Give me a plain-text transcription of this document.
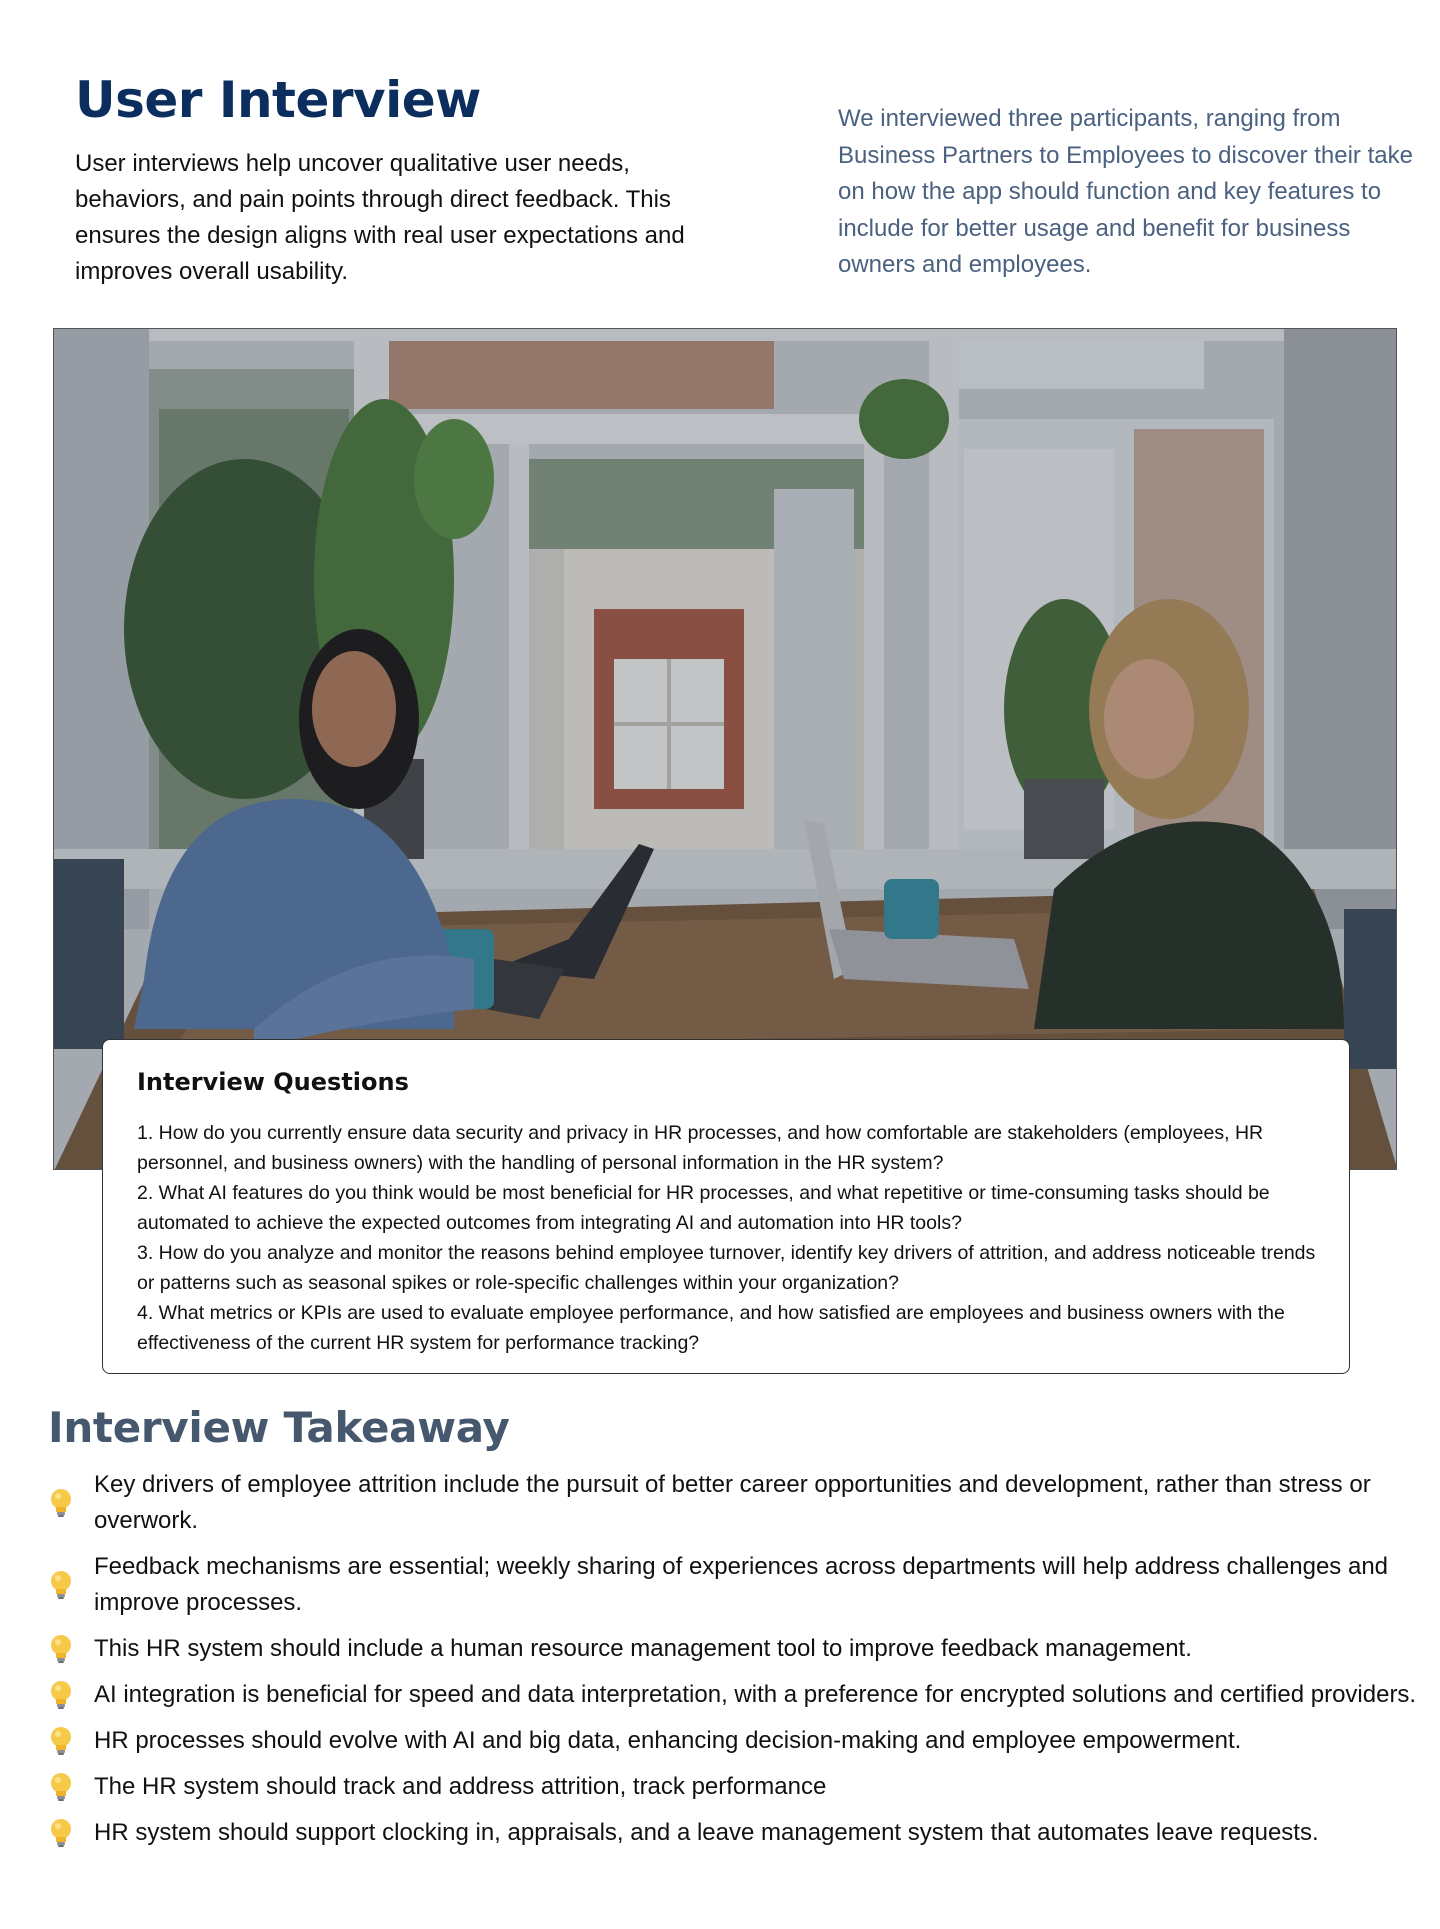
User Interview

User interviews help uncover qualitative user needs, behaviors, and pain points through direct feedback. This ensures the design aligns with real user expectations and improves overall usability.

We interviewed three participants, ranging from Business Partners to Employees to discover their take on how the app should function and key features to include for better usage and benefit for business owners and employees.

Interview Questions
1. How do you currently ensure data security and privacy in HR processes, and how comfortable are stakeholders (employees, HR personnel, and business owners) with the handling of personal information in the HR system?
2. What AI features do you think would be most beneficial for HR processes, and what repetitive or time-consuming tasks should be automated to achieve the expected outcomes from integrating AI and automation into HR tools?
3. How do you analyze and monitor the reasons behind employee turnover, identify key drivers of attrition, and address noticeable trends or patterns such as seasonal spikes or role-specific challenges within your organization?
4. What metrics or KPIs are used to evaluate employee performance, and how satisfied are employees and business owners with the effectiveness of the current HR system for performance tracking?
Interview Takeaway
Key drivers of employee attrition include the pursuit of better career opportunities and development, rather than stress or overwork.
Feedback mechanisms are essential; weekly sharing of experiences across departments will help address challenges and improve processes.
This HR system should include a human resource management tool to improve feedback management.
AI integration is beneficial for speed and data interpretation, with a preference for encrypted solutions and certified providers.
HR processes should evolve with AI and big data, enhancing decision-making and employee empowerment.
The HR system should track and address attrition, track performance
HR system should support clocking in, appraisals, and a leave management system that automates leave requests.
